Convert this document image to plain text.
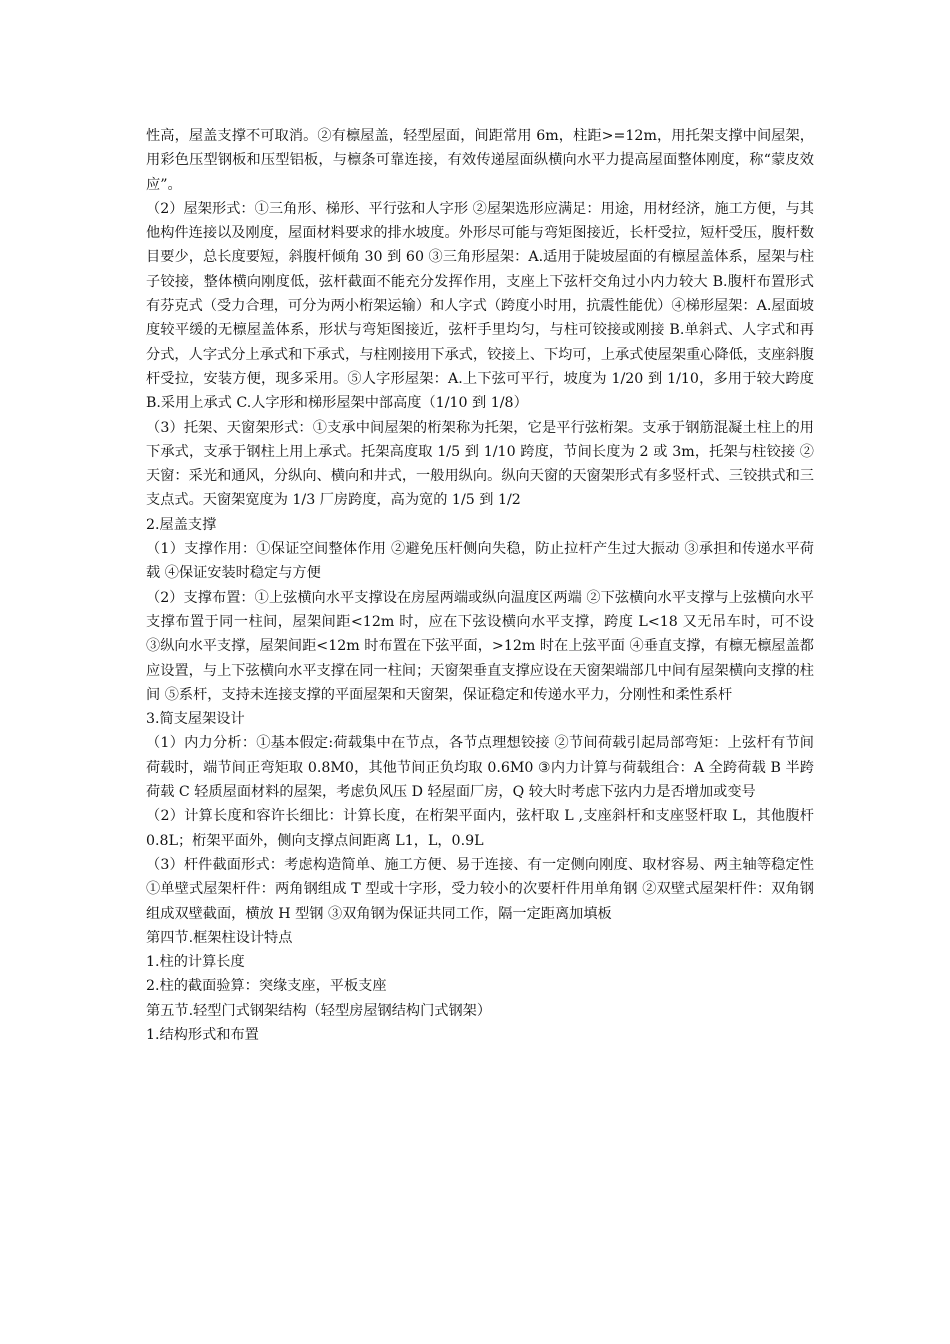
性高，屋盖支撑不可取消。②有檩屋盖，轻型屋面，间距常用 6m，柱距>=12m，用托架支撑中间屋架，用彩色压型钢板和压型铝板，与檩条可靠连接，有效传递屋面纵横向水平力提高屋面整体刚度，称“蒙皮效应”。

（2）屋架形式：①三角形、梯形、平行弦和人字形 ②屋架选形应满足：用途，用材经济，施工方便，与其他构件连接以及刚度，屋面材料要求的排水坡度。外形尽可能与弯矩图接近，长杆受拉，短杆受压，腹杆数目要少，总长度要短，斜腹杆倾角 30 到 60 ③三角形屋架：A.适用于陡坡屋面的有檩屋盖体系，屋架与柱子铰接，整体横向刚度低，弦杆截面不能充分发挥作用，支座上下弦杆交角过小内力较大 B.腹杆布置形式有芬克式（受力合理，可分为两小桁架运输）和人字式（跨度小时用，抗震性能优）④梯形屋架：A.屋面坡度较平缓的无檩屋盖体系，形状与弯矩图接近，弦杆手里均匀，与柱可铰接或刚接 B.单斜式、人字式和再分式，人字式分上承式和下承式，与柱刚接用下承式，铰接上、下均可，上承式使屋架重心降低，支座斜腹杆受拉，安装方便，现多采用。⑤人字形屋架：A.上下弦可平行，坡度为 1/20 到 1/10，多用于较大跨度 B.采用上承式 C.人字形和梯形屋架中部高度（1/10 到 1/8）

（3）托架、天窗架形式：①支承中间屋架的桁架称为托架，它是平行弦桁架。支承于钢筋混凝土柱上的用下承式，支承于钢柱上用上承式。托架高度取 1/5 到 1/10 跨度，节间长度为 2 或 3m，托架与柱铰接 ②天窗：采光和通风，分纵向、横向和井式，一般用纵向。纵向天窗的天窗架形式有多竖杆式、三铰拱式和三支点式。天窗架宽度为 1/3 厂房跨度，高为宽的 1/5 到 1/2

2.屋盖支撑

（1）支撑作用：①保证空间整体作用 ②避免压杆侧向失稳，防止拉杆产生过大振动 ③承担和传递水平荷载 ④保证安装时稳定与方便

（2）支撑布置：①上弦横向水平支撑设在房屋两端或纵向温度区两端 ②下弦横向水平支撑与上弦横向水平支撑布置于同一柱间，屋架间距<12m 时，应在下弦设横向水平支撑，跨度 L<18 又无吊车时，可不设 ③纵向水平支撑，屋架间距<12m 时布置在下弦平面，>12m 时在上弦平面 ④垂直支撑，有檩无檩屋盖都应设置，与上下弦横向水平支撑在同一柱间；天窗架垂直支撑应设在天窗架端部几中间有屋架横向支撑的柱间 ⑤系杆，支持未连接支撑的平面屋架和天窗架，保证稳定和传递水平力，分刚性和柔性系杆

3.简支屋架设计

（1）内力分析：①基本假定:荷载集中在节点，各节点理想铰接 ②节间荷载引起局部弯矩：上弦杆有节间荷载时，端节间正弯矩取 0.8M0，其他节间正负均取 0.6M0 ③内力计算与荷载组合：A 全跨荷载 B 半跨荷载 C 轻质屋面材料的屋架，考虑负风压 D 轻屋面厂房，Q 较大时考虑下弦内力是否增加或变号

（2）计算长度和容许长细比：计算长度，在桁架平面内，弦杆取 L ,支座斜杆和支座竖杆取 L，其他腹杆 0.8L；桁架平面外，侧向支撑点间距离 L1，L，0.9L

（3）杆件截面形式：考虑构造简单、施工方便、易于连接、有一定侧向刚度、取材容易、两主轴等稳定性 ①单壁式屋架杆件：两角钢组成 T 型或十字形，受力较小的次要杆件用单角钢 ②双壁式屋架杆件：双角钢组成双壁截面，横放 H 型钢 ③双角钢为保证共同工作，隔一定距离加填板

第四节.框架柱设计特点

1.柱的计算长度

2.柱的截面验算：突缘支座，平板支座

第五节.轻型门式钢架结构（轻型房屋钢结构门式钢架）

1.结构形式和布置
